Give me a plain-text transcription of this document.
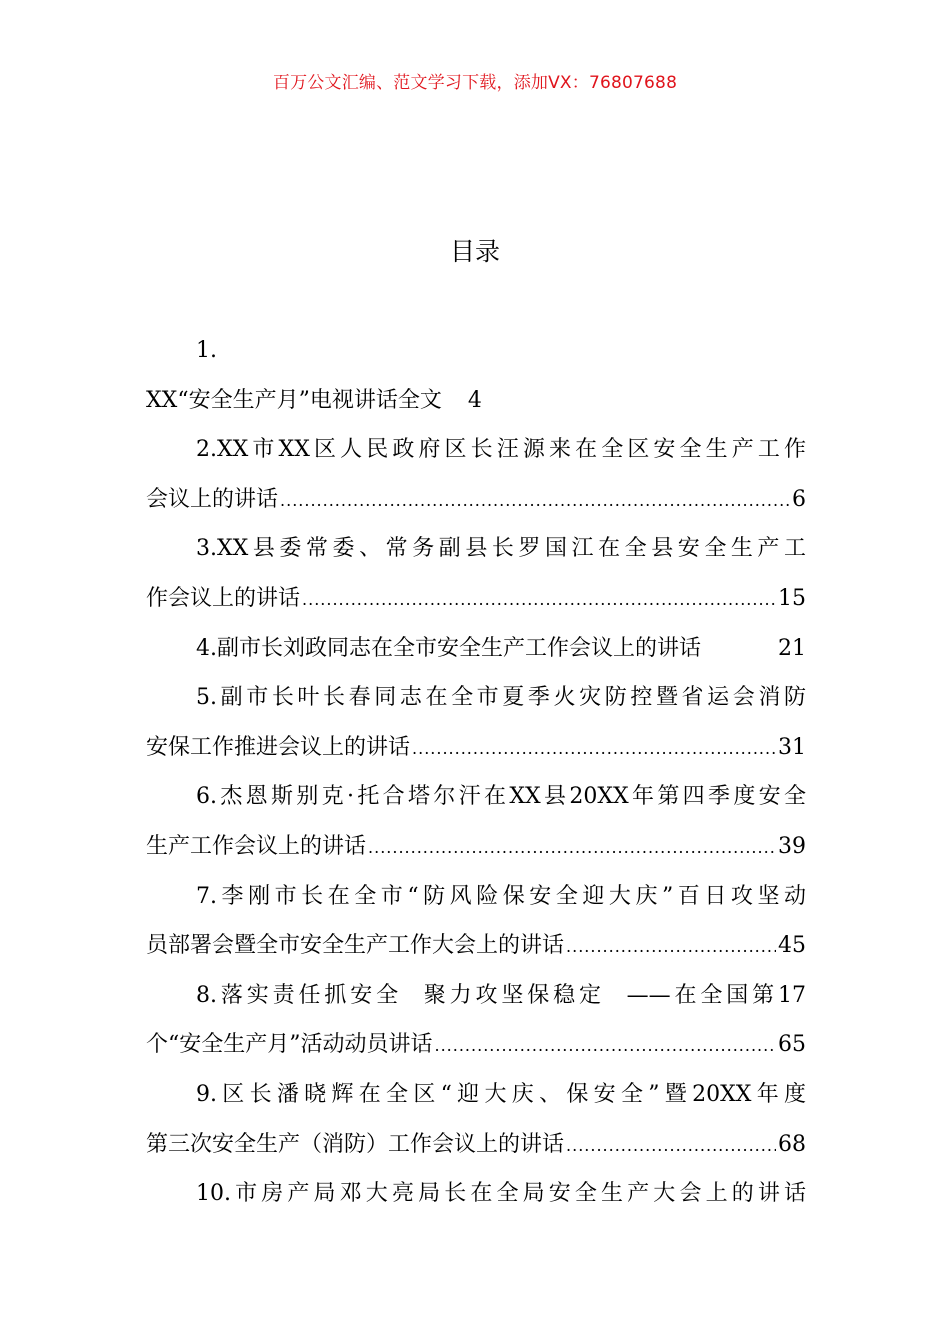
百万公文汇编、范文学习下载，添加VX：76807688
目录
1.
XX“安全生产月”电视讲话全文 4
2.XX市XX区人民政府区长汪源来在全区安全生产工作
会议上的讲话 .....	6
3.XX县委常委、常务副县长罗国江在全县安全生产工
作会议上的讲话 .....	15
4.副市长刘政同志在全市安全生产工作会议上的讲话	21
5.副市长叶长春同志在全市夏季火灾防控暨省运会消防
安保工作推进会议上的讲话 .....	31
6.杰恩斯别克·托合塔尔汗在XX县20XX年第四季度安全
生产工作会议上的讲话 .....	39
7.李刚市长在全市“防风险保安全迎大庆”百日攻坚动
员部署会暨全市安全生产工作大会上的讲话 .....	45
8.落实责任抓安全  聚力攻坚保稳定  ——在全国第17
个“安全生产月”活动动员讲话 .....	65
9.区长潘晓辉在全区“迎大庆、保安全”暨20XX年度
第三次安全生产（消防）工作会议上的讲话 .....	68
10.市房产局邓大亮局长在全局安全生产大会上的讲话
